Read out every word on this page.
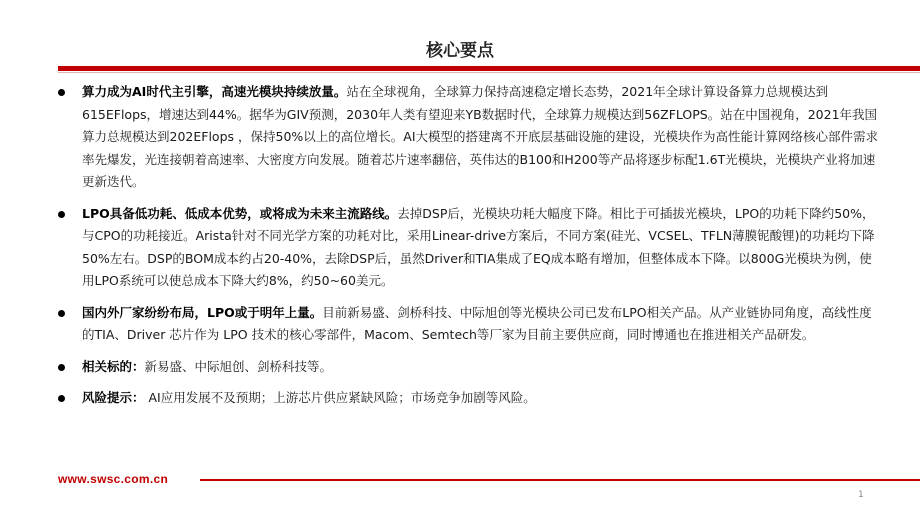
核心要点
算力成为AI时代主引擎，高速光模块持续放量。站在全球视角，全球算力保持高速稳定增长态势，2021年全球计算设备算力总规模达到615EFlops，增速达到44%。据华为GIV预测，2030年人类有望迎来YB数据时代，全球算力规模达到56ZFLOPS。站在中国视角，2021年我国算力总规模达到202EFlops ，保持50%以上的高位增长。AI大模型的搭建离不开底层基础设施的建设，光模块作为高性能计算网络核心部件需求率先爆发，光连接朝着高速率、大密度方向发展。随着芯片速率翻倍，英伟达的B100和H200等产品将逐步标配1.6T光模块，光模块产业将加速更新迭代。
LPO具备低功耗、低成本优势，或将成为未来主流路线。去掉DSP后，光模块功耗大幅度下降。相比于可插拔光模块，LPO的功耗下降约50%，与CPO的功耗接近。Arista针对不同光学方案的功耗对比，采用Linear-drive方案后，不同方案(硅光、VCSEL、TFLN薄膜铌酸锂)的功耗均下降50%左右。DSP的BOM成本约占20-40%，去除DSP后，虽然Driver和TIA集成了EQ成本略有增加，但整体成本下降。以800G光模块为例，使用LPO系统可以使总成本下降大约8%，约50~60美元。
国内外厂家纷纷布局，LPO或于明年上量。目前新易盛、剑桥科技、中际旭创等光模块公司已发布LPO相关产品。从产业链协同角度，高线性度的TIA、Driver 芯片作为 LPO 技术的核心零部件，Macom、Semtech等厂家为目前主要供应商，同时博通也在推进相关产品研发。
相关标的：新易盛、中际旭创、剑桥科技等。
风险提示： AI应用发展不及预期；上游芯片供应紧缺风险；市场竞争加剧等风险。
www.swsc.com.cn
1
